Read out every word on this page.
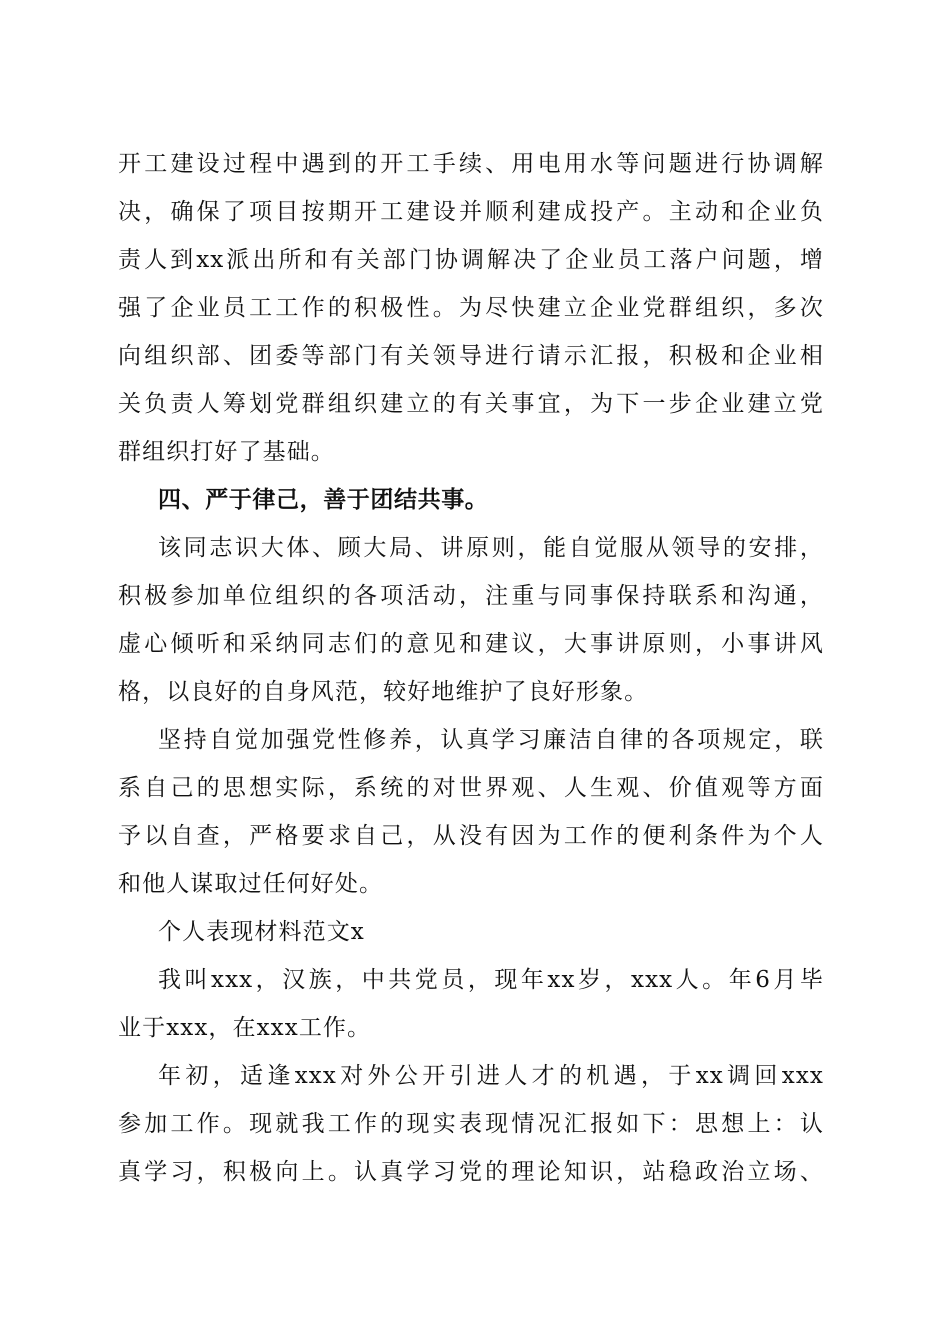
开工建设过程中遇到的开工手续、用电用水等问题进行协调解
决，确保了项目按期开工建设并顺利建成投产。主动和企业负
责人到xx派出所和有关部门协调解决了企业员工落户问题，增
强了企业员工工作的积极性。为尽快建立企业党群组织，多次
向组织部、团委等部门有关领导进行请示汇报，积极和企业相
关负责人筹划党群组织建立的有关事宜，为下一步企业建立党
群组织打好了基础。
四、严于律己，善于团结共事。
该同志识大体、顾大局、讲原则，能自觉服从领导的安排，
积极参加单位组织的各项活动，注重与同事保持联系和沟通，
虚心倾听和采纳同志们的意见和建议，大事讲原则，小事讲风
格，以良好的自身风范，较好地维护了良好形象。
坚持自觉加强党性修养，认真学习廉洁自律的各项规定，联
系自己的思想实际，系统的对世界观、人生观、价值观等方面
予以自查，严格要求自己，从没有因为工作的便利条件为个人
和他人谋取过任何好处。
个人表现材料范文x
我叫xxx，汉族，中共党员，现年xx岁，xxx人。年6月毕
业于xxx，在xxx工作。
年初，适逢xxx对外公开引进人才的机遇，于xx调回xxx
参加工作。现就我工作的现实表现情况汇报如下：思想上：认
真学习，积极向上。认真学习党的理论知识，站稳政治立场、
